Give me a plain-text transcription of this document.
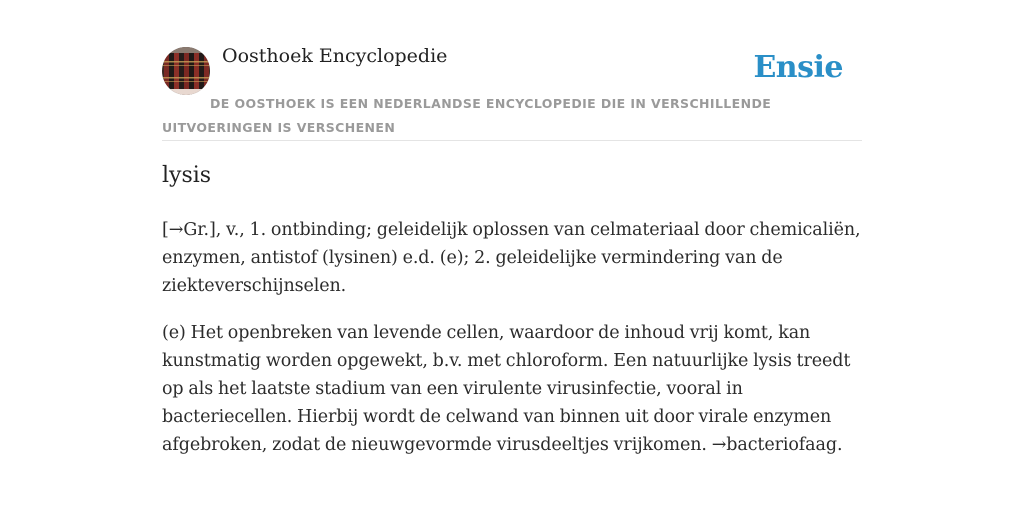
Oosthoek Encyclopedie	Ensie
DE OOSTHOEK IS EEN NEDERLANDSE ENCYCLOPEDIE DIE IN VERSCHILLENDE UITVOERINGEN IS VERSCHENEN
lysis

[→Gr.], v., 1. ontbinding; geleidelijk oplossen van celmateriaal door chemicaliën, enzymen, antistof (lysinen) e.d. (e); 2. geleidelijke vermindering van de ziekteverschijnselen.

(e) Het openbreken van levende cellen, waardoor de inhoud vrij komt, kan kunstmatig worden opgewekt, b.v. met chloroform. Een natuurlijke lysis treedt op als het laatste stadium van een virulente virusinfectie, vooral in bacteriecellen. Hierbij wordt de celwand van binnen uit door virale enzymen afgebroken, zodat de nieuwgevormde virusdeeltjes vrijkomen. →bacteriofaag.
